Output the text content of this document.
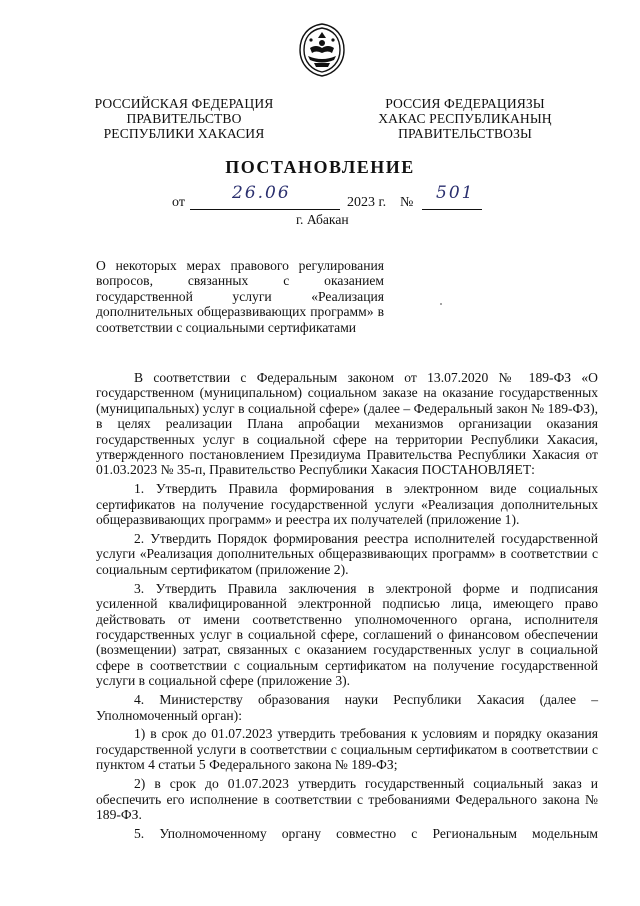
РОССИЙСКАЯ ФЕДЕРАЦИЯ
ПРАВИТЕЛЬСТВО
РЕСПУБЛИКИ ХАКАСИЯ
РОССИЯ ФЕДЕРАЦИЯЗЫ
ХАКАС РЕСПУБЛИКАНЫҢ
ПРАВИТЕЛЬСТВОЗЫ
ПОСТАНОВЛЕНИЕ
от	26.06	2023 г. № 501
г. Абакан
О некоторых мерах правового регулирования вопросов, связанных с оказанием государственной услуги «Реализация дополнительных общеразвивающих программ» в соответствии с социальными сертификатами

В соответствии с Федеральным законом от 13.07.2020 № 189-ФЗ «О государственном (муниципальном) социальном заказе на оказание государственных (муниципальных) услуг в социальной сфере» (далее – Федеральный закон № 189-ФЗ), в целях реализации Плана апробации механизмов организации оказания государственных услуг в социальной сфере на территории Республики Хакасия, утвержденного постановлением Президиума Правительства Республики Хакасия от 01.03.2023 № 35-п, Правительство Республики Хакасия ПОСТАНОВЛЯЕТ:

1. Утвердить Правила формирования в электронном виде социальных сертификатов на получение государственной услуги «Реализация дополнительных общеразвивающих программ» и реестра их получателей (приложение 1).

2. Утвердить Порядок формирования реестра исполнителей государственной услуги «Реализация дополнительных общеразвивающих программ» в соответствии с социальным сертификатом (приложение 2).

3. Утвердить Правила заключения в электроной форме и подписания усиленной квалифицированной электронной подписью лица, имеющего право действовать от имени соответственно уполномоченного органа, исполнителя государственных услуг в социальной сфере, соглашений о финансовом обеспечении (возмещении) затрат, связанных с оказанием государственных услуг в социальной сфере в соответствии с социальным сертификатом на получение государственной услуги в социальной сфере (приложение 3).

4. Министерству образования науки Республики Хакасия (далее – Уполномоченный орган):

1) в срок до 01.07.2023 утвердить требования к условиям и порядку оказания государственной услуги в соответствии с социальным сертификатом в соответствии с пунктом 4 статьи 5 Федерального закона № 189-ФЗ;

2) в срок до 01.07.2023 утвердить государственный социальный заказ и обеспечить его исполнение в соответствии с требованиями Федерального закона № 189-ФЗ.

5. Уполномоченному органу совместно с Региональным модельным
